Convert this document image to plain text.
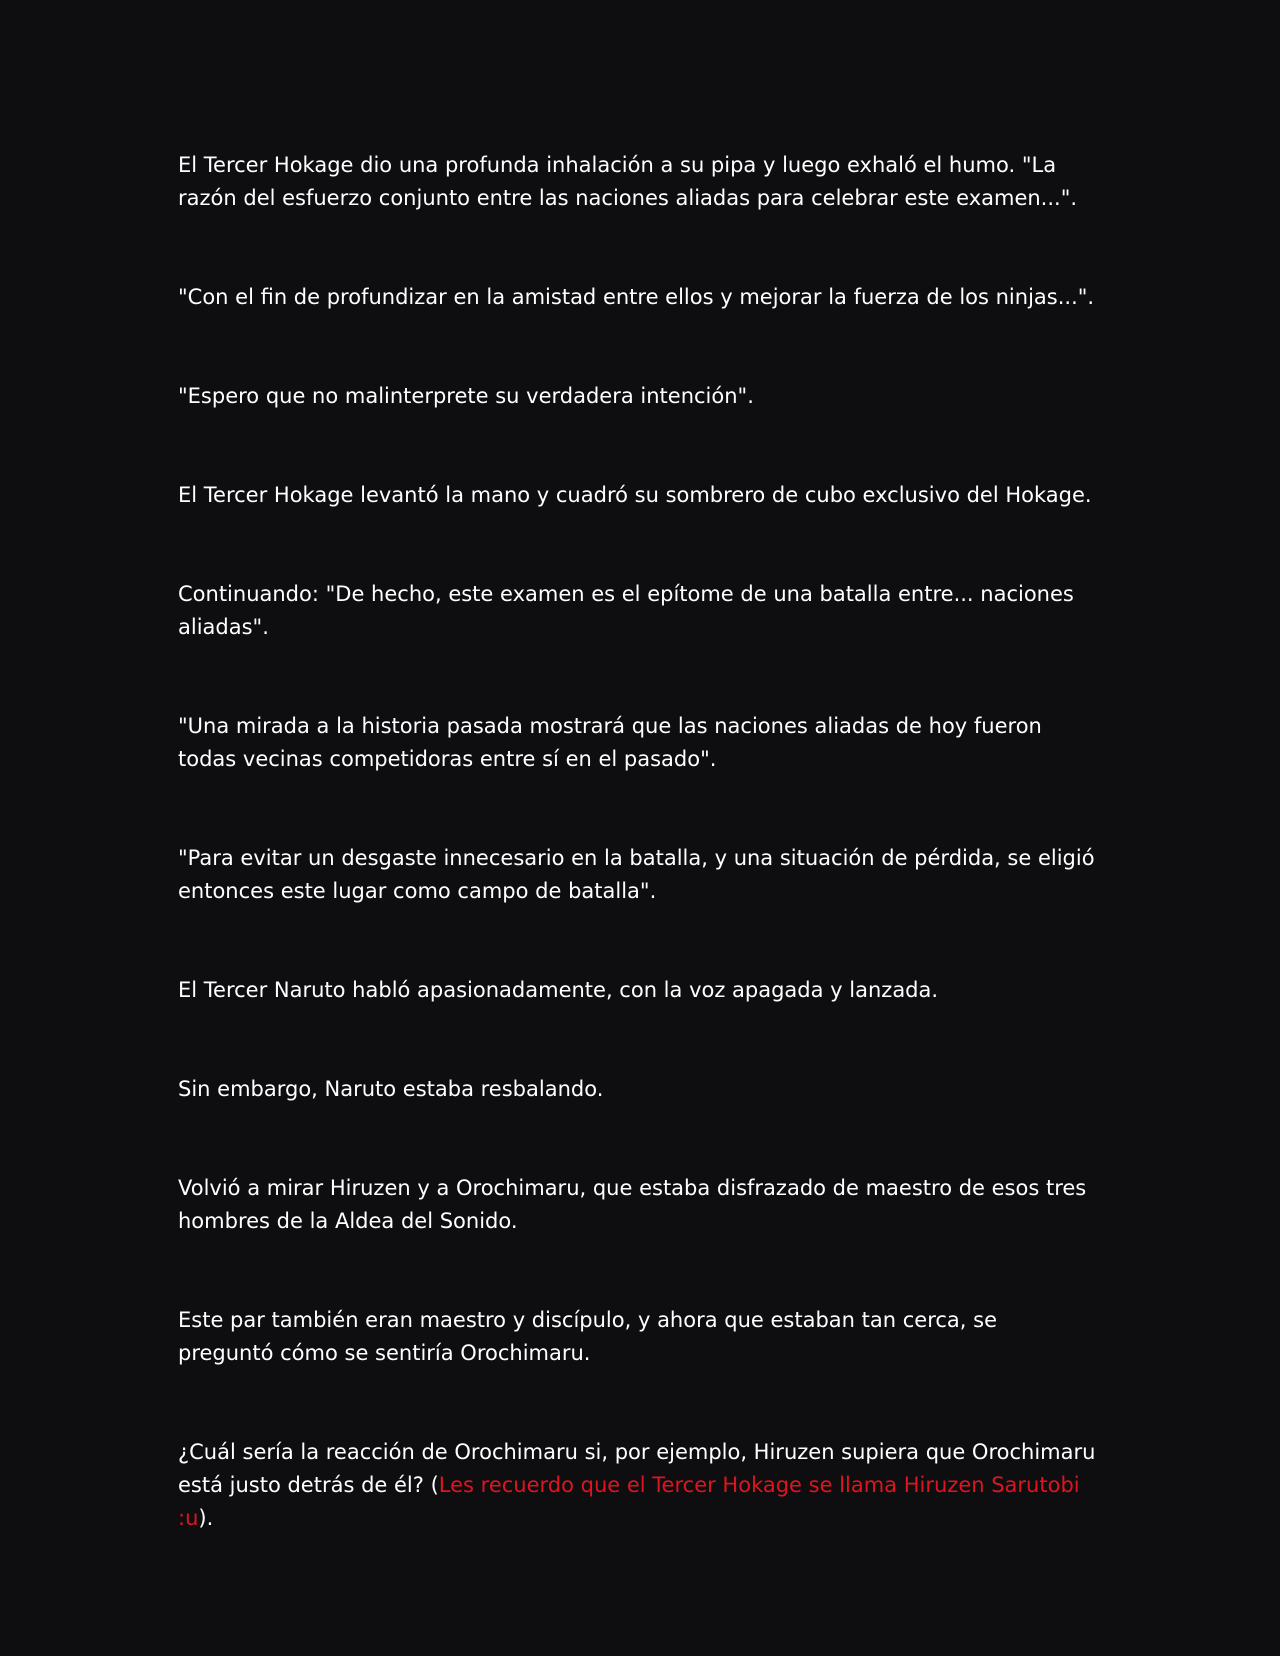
El Tercer Hokage dio una profunda inhalación a su pipa y luego exhaló el humo. "La razón del esfuerzo conjunto entre las naciones aliadas para celebrar este examen...".

"Con el fin de profundizar en la amistad entre ellos y mejorar la fuerza de los ninjas...".

"Espero que no malinterprete su verdadera intención".

El Tercer Hokage levantó la mano y cuadró su sombrero de cubo exclusivo del Hokage.

Continuando: "De hecho, este examen es el epítome de una batalla entre... naciones aliadas".

"Una mirada a la historia pasada mostrará que las naciones aliadas de hoy fueron todas vecinas competidoras entre sí en el pasado".

"Para evitar un desgaste innecesario en la batalla, y una situación de pérdida, se eligió entonces este lugar como campo de batalla".

El Tercer Naruto habló apasionadamente, con la voz apagada y lanzada.

Sin embargo, Naruto estaba resbalando.

Volvió a mirar Hiruzen y a Orochimaru, que estaba disfrazado de maestro de esos tres hombres de la Aldea del Sonido.

Este par también eran maestro y discípulo, y ahora que estaban tan cerca, se preguntó cómo se sentiría Orochimaru.

¿Cuál sería la reacción de Orochimaru si, por ejemplo, Hiruzen supiera que Orochimaru está justo detrás de él? (Les recuerdo que el Tercer Hokage se llama Hiruzen Sarutobi :u).
